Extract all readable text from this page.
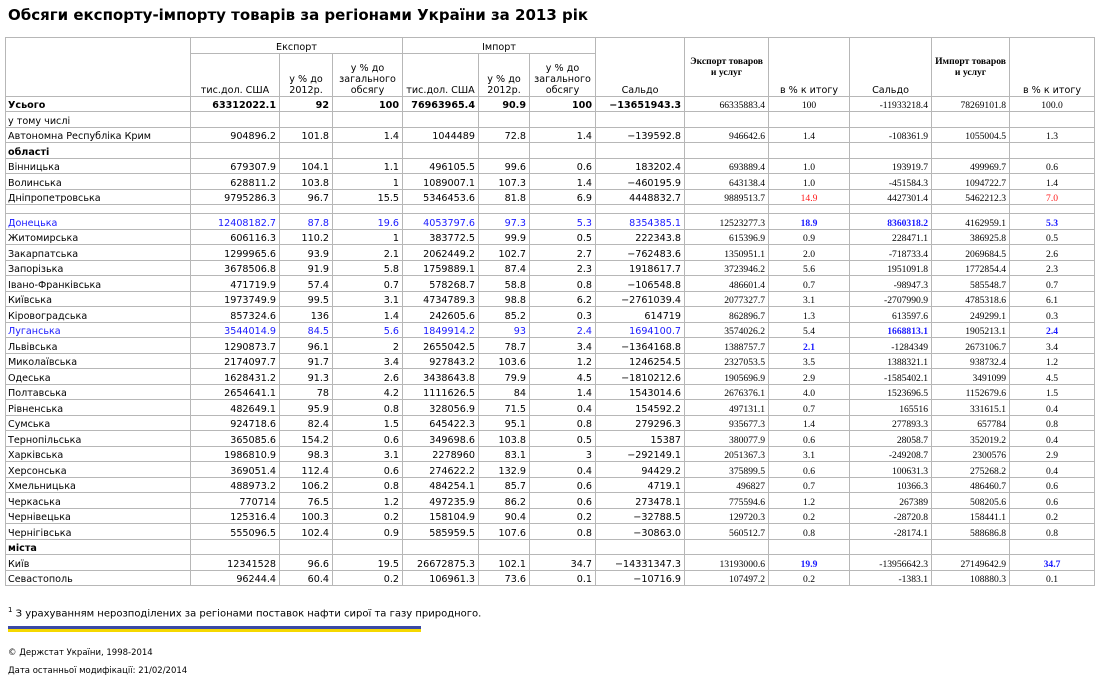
Обсяги експорту-імпорту товарів за регіонами України за 2013 рік
	Експорт			Імпорт			Сальдо	Экспорт товаров и услуг	в % к итогу	Сальдо	Импорт товаров и услуг	в % к итогу
	тис.дол. США	у % до 2012р.	у % до загального обсягу	тис.дол. США	у % до 2012р.	у % до загального обсягу						
Усього	63312022.1	92	100	76963965.4	90.9	100	−13651943.3	66335883.4	100	-11933218.4	78269101.8	100.0
у тому числі												
Автономна Республіка Крим	904896.2	101.8	1.4	1044489	72.8	1.4	−139592.8	946642.6	1.4	-108361.9	1055004.5	1.3
області												
Вінницька	679307.9	104.1	1.1	496105.5	99.6	0.6	183202.4	693889.4	1.0	193919.7	499969.7	0.6
Волинська	628811.2	103.8	1	1089007.1	107.3	1.4	−460195.9	643138.4	1.0	-451584.3	1094722.7	1.4
Дніпропетровська	9795286.3	96.7	15.5	5346453.6	81.8	6.9	4448832.7	9889513.7	14.9	4427301.4	5462212.3	7.0

Донецька	12408182.7	87.8	19.6	4053797.6	97.3	5.3	8354385.1	12523277.3	18.9	8360318.2	4162959.1	5.3
Житомирська	606116.3	110.2	1	383772.5	99.9	0.5	222343.8	615396.9	0.9	228471.1	386925.8	0.5
Закарпатська	1299965.6	93.9	2.1	2062449.2	102.7	2.7	−762483.6	1350951.1	2.0	-718733.4	2069684.5	2.6
Запорізька	3678506.8	91.9	5.8	1759889.1	87.4	2.3	1918617.7	3723946.2	5.6	1951091.8	1772854.4	2.3
Івано-Франківська	471719.9	57.4	0.7	578268.7	58.8	0.8	−106548.8	486601.4	0.7	-98947.3	585548.7	0.7
Київська	1973749.9	99.5	3.1	4734789.3	98.8	6.2	−2761039.4	2077327.7	3.1	-2707990.9	4785318.6	6.1
Кіровоградська	857324.6	136	1.4	242605.6	85.2	0.3	614719	862896.7	1.3	613597.6	249299.1	0.3
Луганська	3544014.9	84.5	5.6	1849914.2	93	2.4	1694100.7	3574026.2	5.4	1668813.1	1905213.1	2.4
Львівська	1290873.7	96.1	2	2655042.5	78.7	3.4	−1364168.8	1388757.7	2.1	-1284349	2673106.7	3.4
Миколаївська	2174097.7	91.7	3.4	927843.2	103.6	1.2	1246254.5	2327053.5	3.5	1388321.1	938732.4	1.2
Одеська	1628431.2	91.3	2.6	3438643.8	79.9	4.5	−1810212.6	1905696.9	2.9	-1585402.1	3491099	4.5
Полтавська	2654641.1	78	4.2	1111626.5	84	1.4	1543014.6	2676376.1	4.0	1523696.5	1152679.6	1.5
Рівненська	482649.1	95.9	0.8	328056.9	71.5	0.4	154592.2	497131.1	0.7	165516	331615.1	0.4
Сумська	924718.6	82.4	1.5	645422.3	95.1	0.8	279296.3	935677.3	1.4	277893.3	657784	0.8
Тернопільська	365085.6	154.2	0.6	349698.6	103.8	0.5	15387	380077.9	0.6	28058.7	352019.2	0.4
Харківська	1986810.9	98.3	3.1	2278960	83.1	3	−292149.1	2051367.3	3.1	-249208.7	2300576	2.9
Херсонська	369051.4	112.4	0.6	274622.2	132.9	0.4	94429.2	375899.5	0.6	100631.3	275268.2	0.4
Хмельницька	488973.2	106.2	0.8	484254.1	85.7	0.6	4719.1	496827	0.7	10366.3	486460.7	0.6
Черкаська	770714	76.5	1.2	497235.9	86.2	0.6	273478.1	775594.6	1.2	267389	508205.6	0.6
Чернівецька	125316.4	100.3	0.2	158104.9	90.4	0.2	−32788.5	129720.3	0.2	-28720.8	158441.1	0.2
Чернігівська	555096.5	102.4	0.9	585959.5	107.6	0.8	−30863.0	560512.7	0.8	-28174.1	588686.8	0.8
міста												
Київ	12341528	96.6	19.5	26672875.3	102.1	34.7	−14331347.3	13193000.6	19.9	-13956642.3	27149642.9	34.7
Севастополь	96244.4	60.4	0.2	106961.3	73.6	0.1	−10716.9	107497.2	0.2	-1383.1	108880.3	0.1
$^1$ З урахуванням нерозподілених за регіонами поставок нафти сирої та газу природного.
© Держстат України, 1998-2014
Дата останньої модифікації: 21/02/2014
